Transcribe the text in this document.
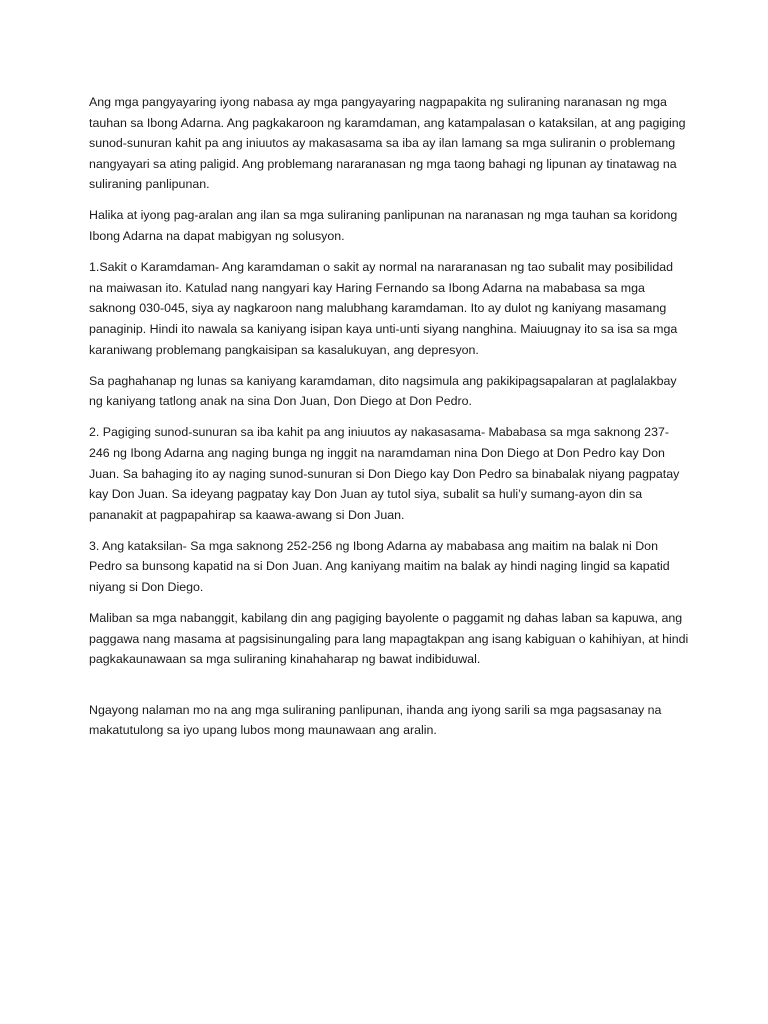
Ang mga pangyayaring iyong nabasa ay mga pangyayaring nagpapakita ng suliraning naranasan ng mga tauhan sa Ibong Adarna. Ang pagkakaroon ng karamdaman, ang katampalasan o kataksilan, at ang pagiging sunod-sunuran kahit pa ang iniuutos ay makasasama sa iba ay ilan lamang sa mga suliranin o problemang nangyayari sa ating paligid. Ang problemang nararanasan ng mga taong bahagi ng lipunan ay tinatawag na suliraning panlipunan.

Halika at iyong pag-aralan ang ilan sa mga suliraning panlipunan na naranasan ng mga tauhan sa koridong Ibong Adarna na dapat mabigyan ng solusyon.

1.Sakit o Karamdaman- Ang karamdaman o sakit ay normal na nararanasan ng tao subalit may posibilidad na maiwasan ito. Katulad nang nangyari kay Haring Fernando sa Ibong Adarna na mababasa sa mga saknong 030-045, siya ay nagkaroon nang malubhang karamdaman. Ito ay dulot ng kaniyang masamang panaginip. Hindi ito nawala sa kaniyang isipan kaya unti-unti siyang nanghina. Maiuugnay ito sa isa sa mga karaniwang problemang pangkaisipan sa kasalukuyan, ang depresyon.

Sa paghahanap ng lunas sa kaniyang karamdaman, dito nagsimula ang pakikipagsapalaran at paglalakbay ng kaniyang tatlong anak na sina Don Juan, Don Diego at Don Pedro.

2. Pagiging sunod-sunuran sa iba kahit pa ang iniuutos ay nakasasama- Mababasa sa mga saknong 237-246 ng Ibong Adarna ang naging bunga ng inggit na naramdaman nina Don Diego at Don Pedro kay Don Juan. Sa bahaging ito ay naging sunod-sunuran si Don Diego kay Don Pedro sa binabalak niyang pagpatay kay Don Juan. Sa ideyang pagpatay kay Don Juan ay tutol siya, subalit sa huli’y sumang-ayon din sa pananakit at pagpapahirap sa kaawa-awang si Don Juan.

3. Ang kataksilan- Sa mga saknong 252-256 ng Ibong Adarna ay mababasa ang maitim na balak ni Don Pedro sa bunsong kapatid na si Don Juan. Ang kaniyang maitim na balak ay hindi naging lingid sa kapatid niyang si Don Diego.

Maliban sa mga nabanggit, kabilang din ang pagiging bayolente o paggamit ng dahas laban sa kapuwa, ang paggawa nang masama at pagsisinungaling para lang mapagtakpan ang isang kabiguan o kahihiyan, at hindi pagkakaunawaan sa mga suliraning kinahaharap ng bawat indibiduwal.

Ngayong nalaman mo na ang mga suliraning panlipunan, ihanda ang iyong sarili sa mga pagsasanay na makatutulong sa iyo upang lubos mong maunawaan ang aralin.
